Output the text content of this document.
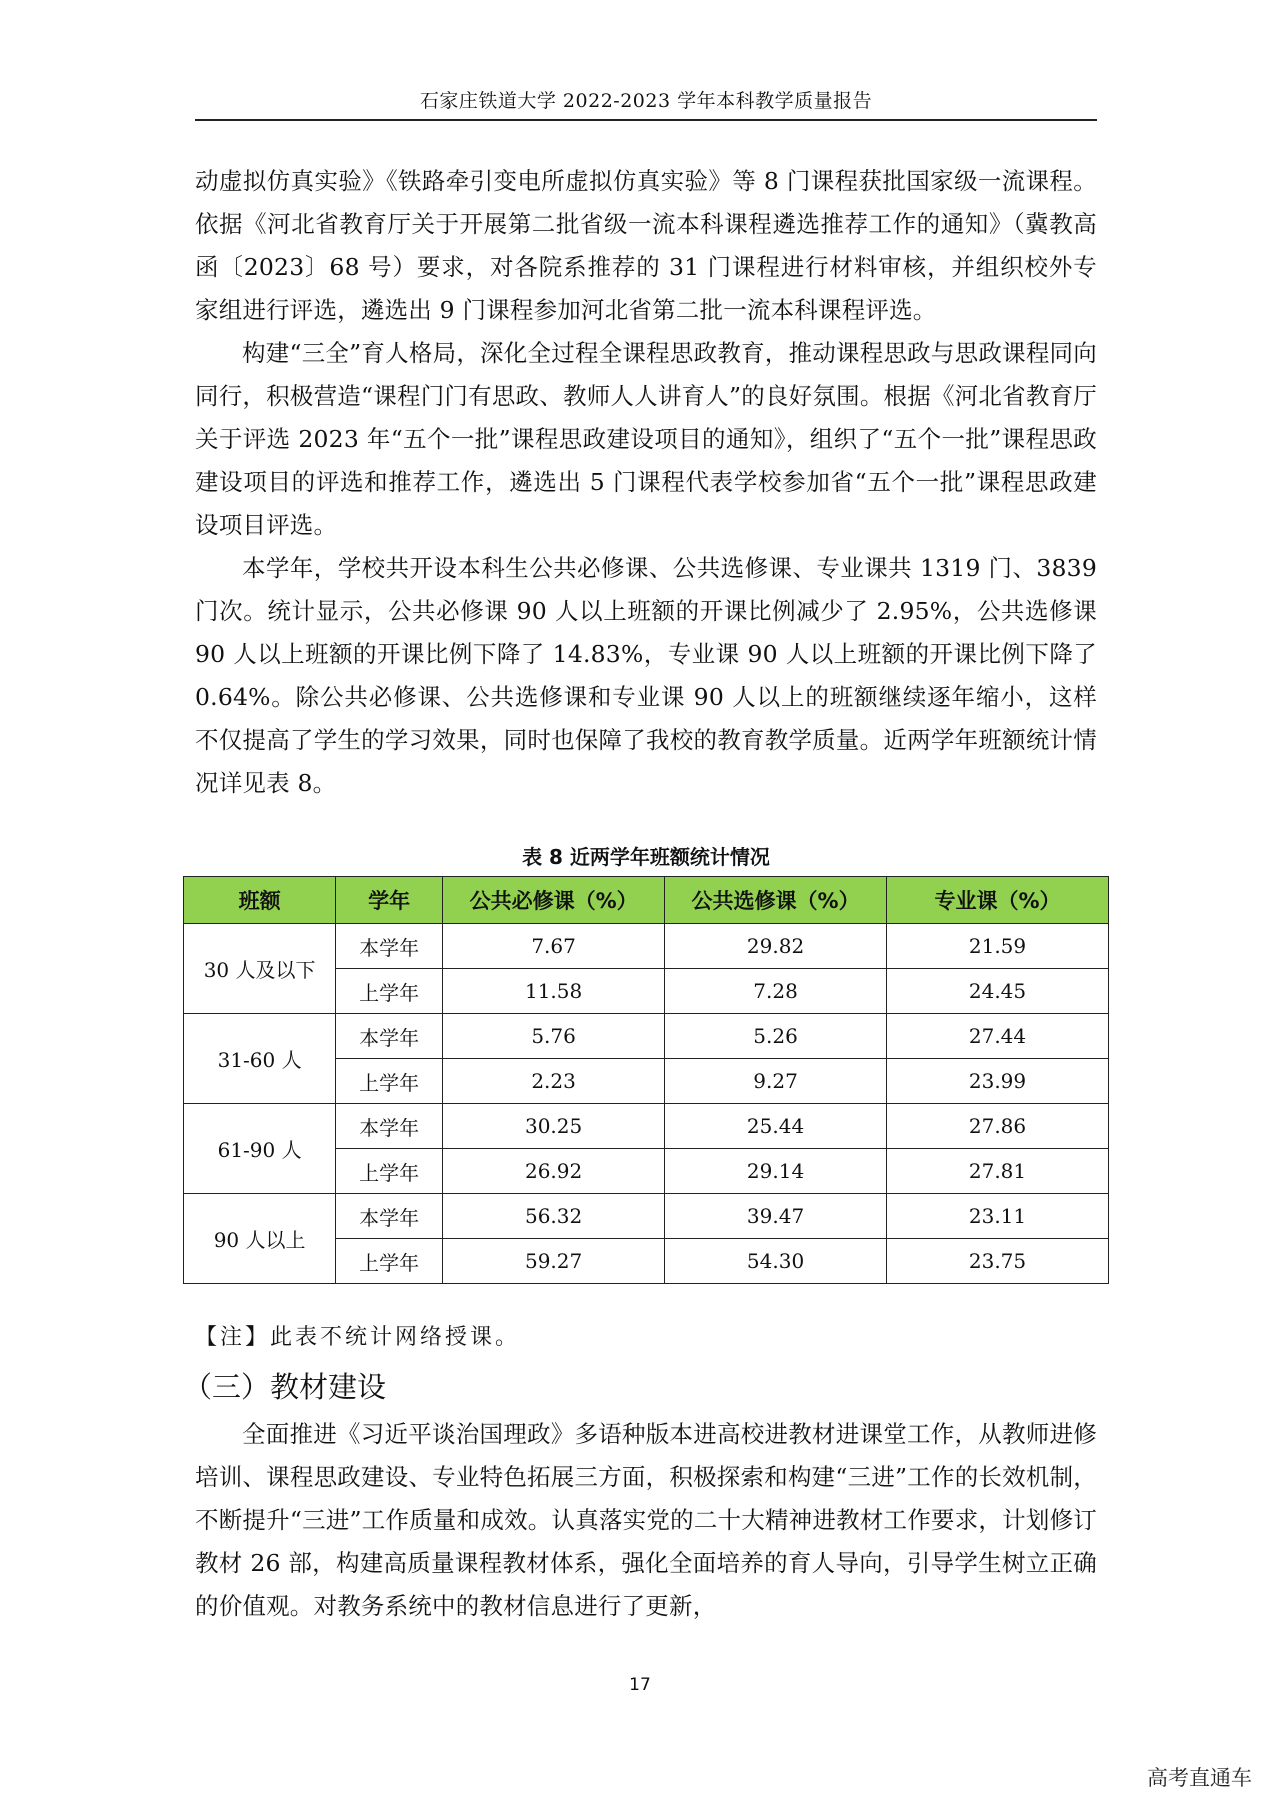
石家庄铁道大学 2022-2023 学年本科教学质量报告

动虚拟仿真实验》《铁路牵引变电所虚拟仿真实验》等 8 门课程获批国家级一流课程。依据《河北省教育厅关于开展第二批省级一流本科课程遴选推荐工作的通知》（冀教高函〔2023〕68 号）要求，对各院系推荐的 31 门课程进行材料审核，并组织校外专家组进行评选，遴选出 9 门课程参加河北省第二批一流本科课程评选。

构建“三全”育人格局，深化全过程全课程思政教育，推动课程思政与思政课程同向同行，积极营造“课程门门有思政、教师人人讲育人”的良好氛围。根据《河北省教育厅关于评选 2023 年“五个一批”课程思政建设项目的通知》，组织了“五个一批”课程思政建设项目的评选和推荐工作，遴选出 5 门课程代表学校参加省“五个一批”课程思政建设项目评选。

本学年，学校共开设本科生公共必修课、公共选修课、专业课共 1319 门、3839 门次。统计显示，公共必修课 90 人以上班额的开课比例减少了 2.95%，公共选修课 90 人以上班额的开课比例下降了 14.83%，专业课 90 人以上班额的开课比例下降了 0.64%。除公共必修课、公共选修课和专业课 90 人以上的班额继续逐年缩小，这样不仅提高了学生的学习效果，同时也保障了我校的教育教学质量。近两学年班额统计情况详见表 8。

表 8 近两学年班额统计情况
班额	学年	公共必修课（%）	公共选修课（%）	专业课（%）
30 人及以下	本学年	7.67	29.82	21.59
	上学年	11.58	7.28	24.45
31-60 人	本学年	5.76	5.26	27.44
	上学年	2.23	9.27	23.99
61-90 人	本学年	30.25	25.44	27.86
	上学年	26.92	29.14	27.81
90 人以上	本学年	56.32	39.47	23.11
	上学年	59.27	54.30	23.75
【注】此表不统计网络授课。
（三）教材建设

全面推进《习近平谈治国理政》多语种版本进高校进教材进课堂工作，从教师进修培训、课程思政建设、专业特色拓展三方面，积极探索和构建“三进”工作的长效机制，不断提升“三进”工作质量和成效。认真落实党的二十大精神进教材工作要求，计划修订教材 26 部，构建高质量课程教材体系，强化全面培养的育人导向，引导学生树立正确的价值观。对教务系统中的教材信息进行了更新，

17
高考直通车
